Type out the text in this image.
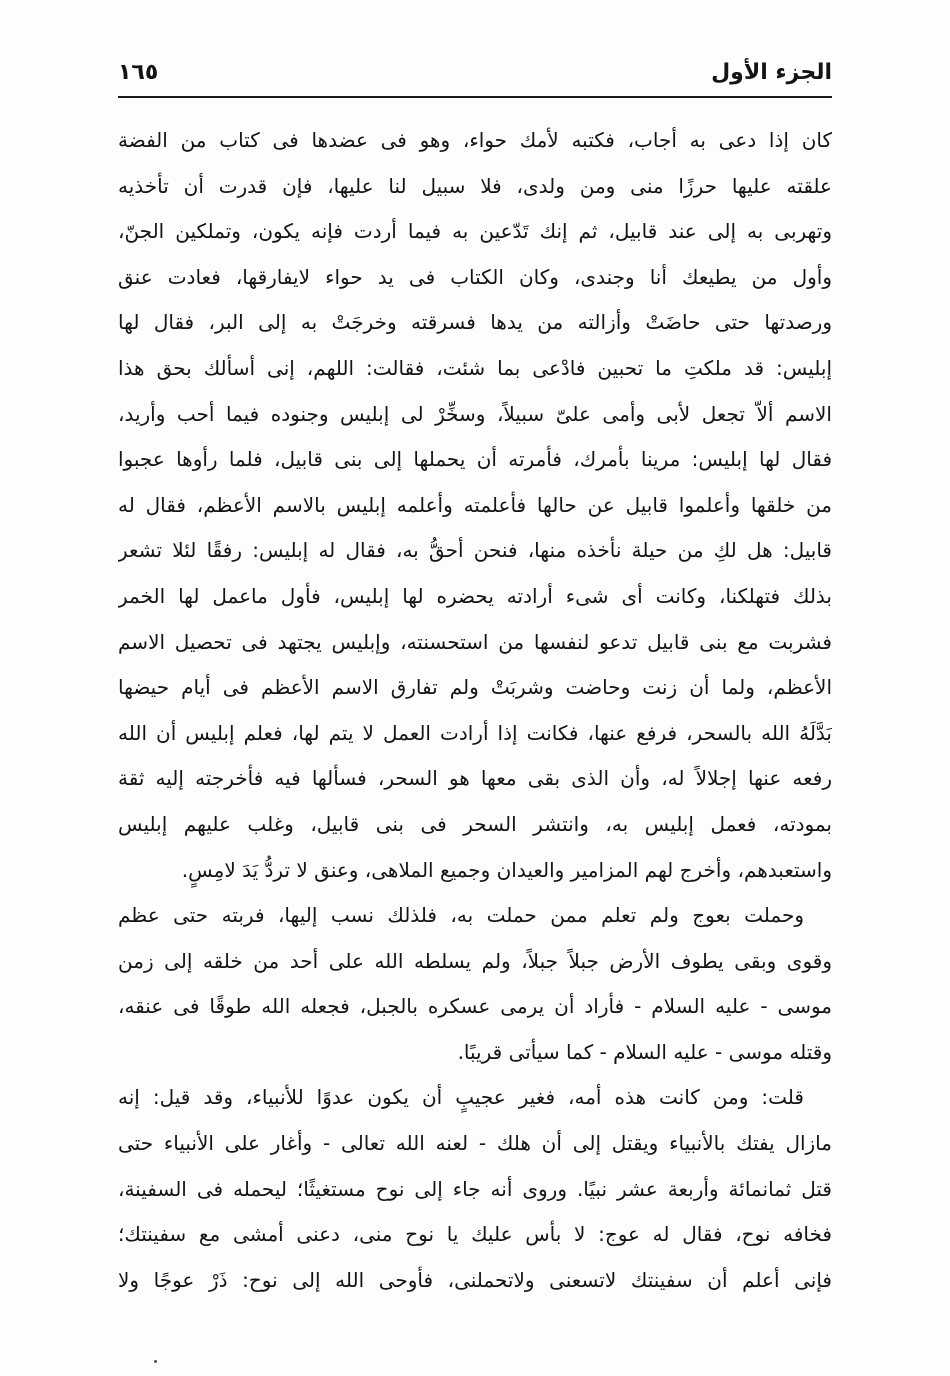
الجزء الأول
١٦٥
كان إذا دعى به أجاب، فكتبه لأمك حواء، وهو فى عضدها فى كتاب من الفضة
علقته عليها حرزًا منى ومن ولدى، فلا سبيل لنا عليها، فإن قدرت أن تأخذيه
وتهربى به إلى عند قابيل، ثم إنك تَدّعين به فيما أردت فإنه يكون، وتملكين الجنّ،
وأول من يطيعك أنا وجندى، وكان الكتاب فى يد حواء لايفارقها، فعادت عنق
ورصدتها حتى حاضَتْ وأزالته من يدها فسرقته وخرجَتْ به إلى البر، فقال لها
إبليس: قد ملكتِ ما تحبين فادْعى بما شئت، فقالت: اللهم، إنى أسألك بحق هذا
الاسم ألاّ تجعل لأبى وأمى علىّ سبيلاً، وسخِّرْ لى إبليس وجنوده فيما أحب وأريد،
فقال لها إبليس: مرينا بأمرك، فأمرته أن يحملها إلى بنى قابيل، فلما رأوها عجبوا
من خلقها وأعلموا قابيل عن حالها فأعلمته وأعلمه إبليس بالاسم الأعظم، فقال له
قابيل: هل لكِ من حيلة نأخذه منها، فنحن أحقُّ به، فقال له إبليس: رفقًا لئلا تشعر
بذلك فتهلكنا، وكانت أى شىء أرادته يحضره لها إبليس، فأول ماعمل لها الخمر
فشربت مع بنى قابيل تدعو لنفسها من استحسنته، وإبليس يجتهد فى تحصيل الاسم
الأعظم، ولما أن زنت وحاضت وشربَتْ ولم تفارق الاسم الأعظم فى أيام حيضها
بَدَّلَهُ الله بالسحر، فرفع عنها، فكانت إذا أرادت العمل لا يتم لها، فعلم إبليس أن الله
رفعه عنها إجلالاً له، وأن الذى بقى معها هو السحر، فسألها فيه فأخرجته إليه ثقة
بمودته، فعمل إبليس به، وانتشر السحر فى بنى قابيل، وغلب عليهم إبليس
واستعبدهم، وأخرج لهم المزامير والعيدان وجميع الملاهى، وعنق لا تردُّ يَدَ لامِسٍ.
وحملت بعوج ولم تعلم ممن حملت به، فلذلك نسب إليها، فربته حتى عظم
وقوى وبقى يطوف الأرض جبلاً جبلاً، ولم يسلطه الله على أحد من خلقه إلى زمن
موسى - عليه السلام - فأراد أن يرمى عسكره بالجبل، فجعله الله طوقًا فى عنقه،
وقتله موسى - عليه السلام - كما سيأتى قريبًا.
قلت: ومن كانت هذه أمه، فغير عجيبٍ أن يكون عدوًا للأنبياء، وقد قيل: إنه
مازال يفتك بالأنبياء ويقتل إلى أن هلك - لعنه الله تعالى - وأغار على الأنبياء حتى
قتل ثمانمائة وأربعة عشر نبيًا. وروى أنه جاء إلى نوح مستغيثًا؛ ليحمله فى السفينة،
فخافه نوح، فقال له عوج: لا بأس عليك يا نوح منى، دعنى أمشى مع سفينتك؛
فإنى أعلم أن سفينتك لاتسعنى ولاتحملنى، فأوحى الله إلى نوح: ذَرْ عوجًا ولا
